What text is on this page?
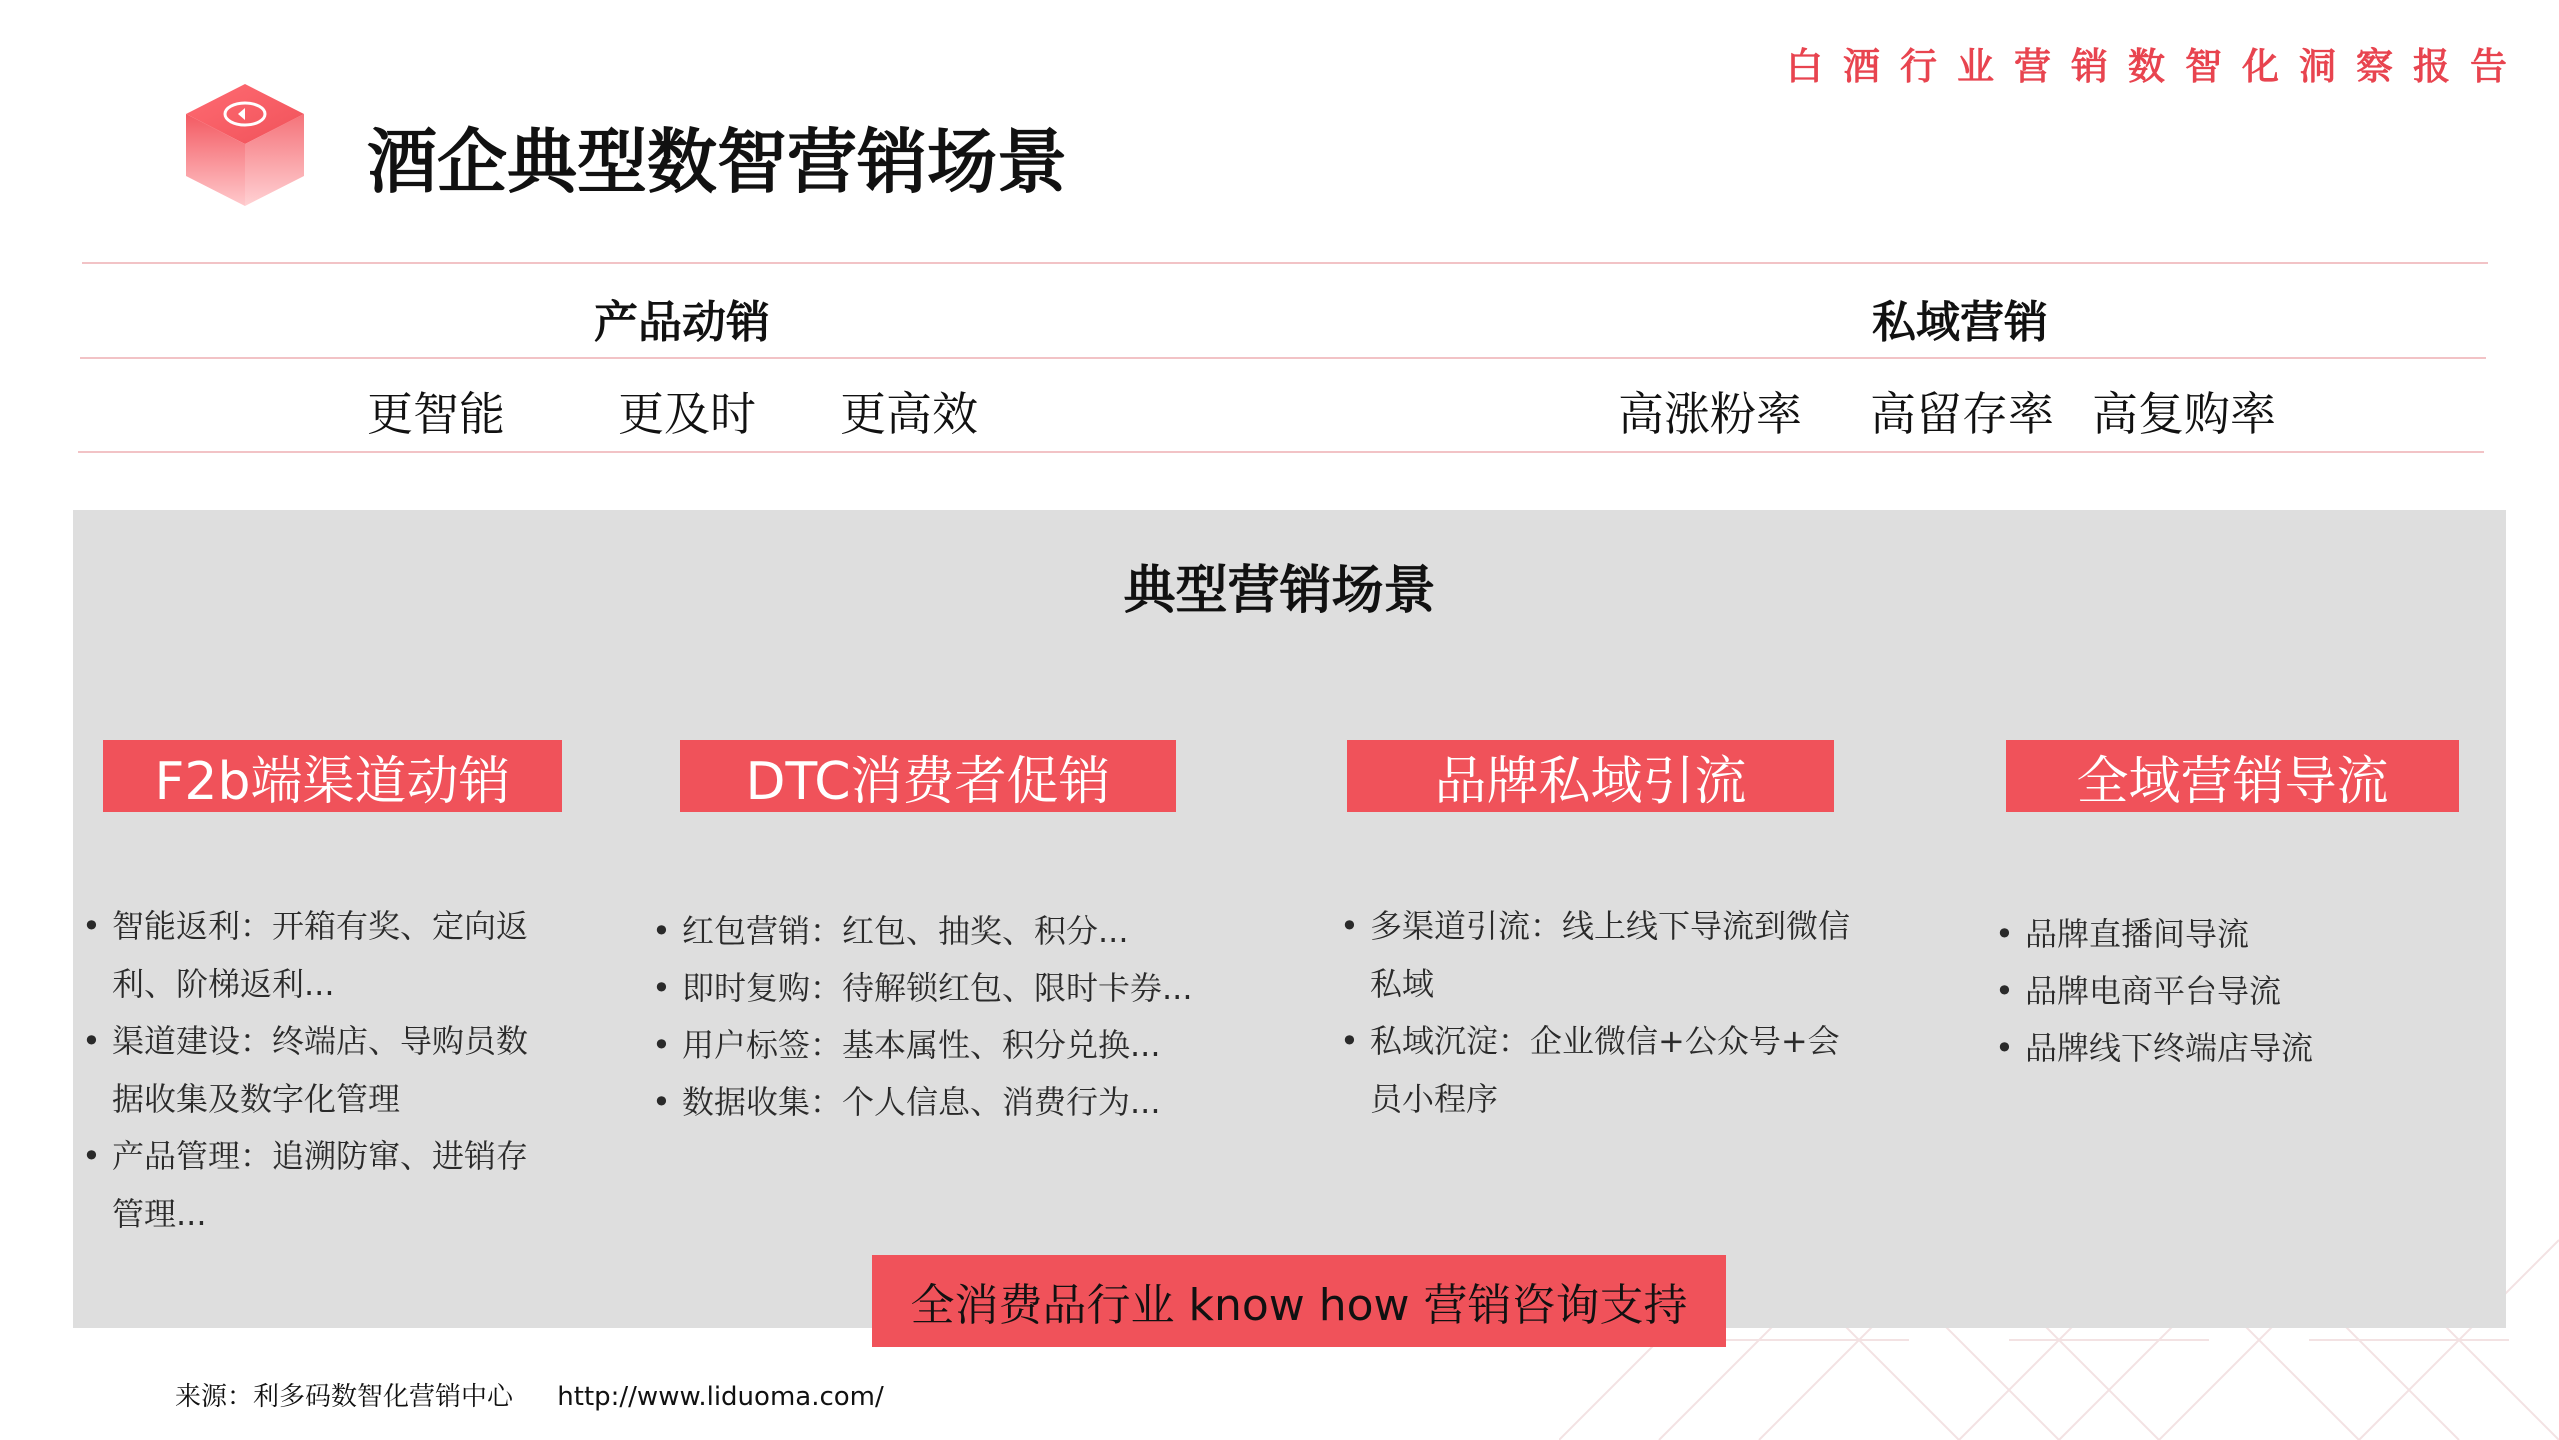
白酒行业营销数智化洞察报告
酒企典型数智营销场景
产品动销	私域营销
更智能 更及时 更高效	高涨粉率 高留存率 高复购率
典型营销场景
F2b端渠道动销	DTC消费者促销	品牌私域引流	全域营销导流
• 智能返利：开箱有奖、定向返利、阶梯返利...
• 渠道建设：终端店、导购员数据收集及数字化管理
• 产品管理：追溯防窜、进销存管理...
• 红包营销：红包、抽奖、积分...
• 即时复购：待解锁红包、限时卡券...
• 用户标签：基本属性、积分兑换...
• 数据收集：个人信息、消费行为...
• 多渠道引流：线上线下导流到微信私域
• 私域沉淀：企业微信+公众号+会员小程序
• 品牌直播间导流
• 品牌电商平台导流
• 品牌线下终端店导流
全消费品行业 know how 营销咨询支持
来源：利多码数智化营销中心 http://www.liduoma.com/
